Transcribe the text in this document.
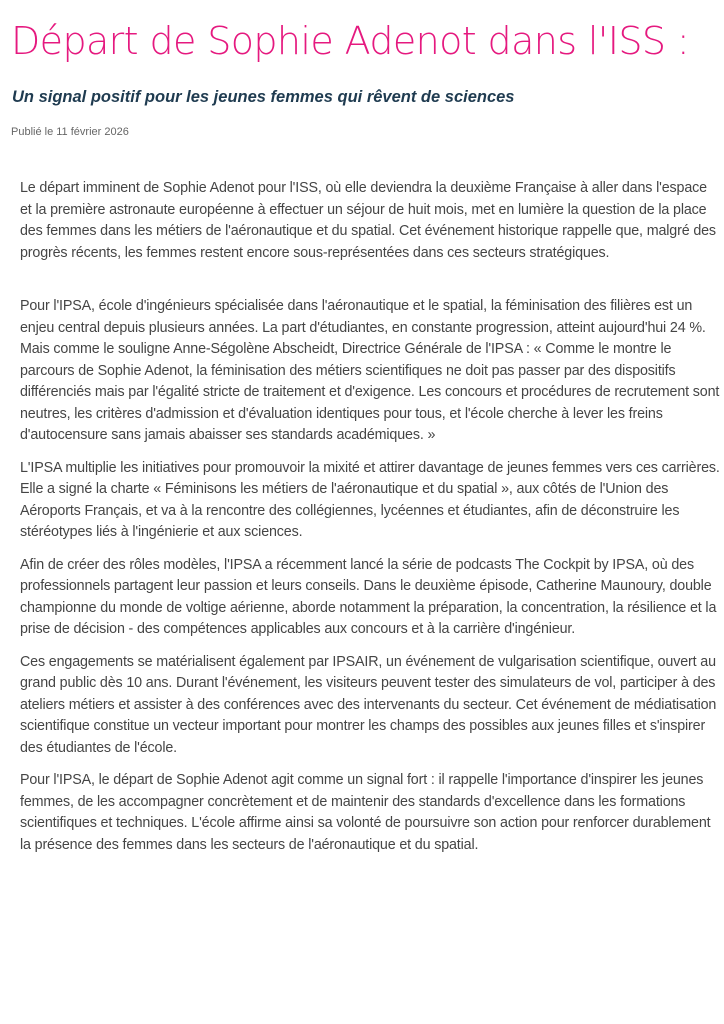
Départ de Sophie Adenot dans l'ISS :
Un signal positif pour les jeunes femmes qui rêvent de sciences

Publié le 11 février 2026

Le départ imminent de Sophie Adenot pour l'ISS, où elle deviendra la deuxième Française à aller dans l'espace et la première astronaute européenne à effectuer un séjour de huit mois, met en lumière la question de la place des femmes dans les métiers de l'aéronautique et du spatial. Cet événement historique rappelle que, malgré des progrès récents, les femmes restent encore sous-représentées dans ces secteurs stratégiques.

Pour l'IPSA, école d'ingénieurs spécialisée dans l'aéronautique et le spatial, la féminisation des filières est un enjeu central depuis plusieurs années. La part d'étudiantes, en constante progression, atteint aujourd'hui 24 %.

Mais comme le souligne Anne-Ségolène Abscheidt, Directrice Générale de l'IPSA : « Comme le montre le parcours de Sophie Adenot, la féminisation des métiers scientifiques ne doit pas passer par des dispositifs différenciés mais par l'égalité stricte de traitement et d'exigence. Les concours et procédures de recrutement sont neutres, les critères d'admission et d'évaluation identiques pour tous, et l'école cherche à lever les freins d'autocensure sans jamais abaisser ses standards académiques. »

L'IPSA multiplie les initiatives pour promouvoir la mixité et attirer davantage de jeunes femmes vers ces carrières. Elle a signé la charte « Féminisons les métiers de l'aéronautique et du spatial », aux côtés de l'Union des Aéroports Français, et va à la rencontre des collégiennes, lycéennes et étudiantes, afin de déconstruire les stéréotypes liés à l'ingénierie et aux sciences.

Afin de créer des rôles modèles, l'IPSA a récemment lancé la série de podcasts The Cockpit by IPSA, où des professionnels partagent leur passion et leurs conseils. Dans le deuxième épisode, Catherine Maunoury, double championne du monde de voltige aérienne, aborde notamment la préparation, la concentration, la résilience et la prise de décision - des compétences applicables aux concours et à la carrière d'ingénieur.

Ces engagements se matérialisent également par IPSAIR, un événement de vulgarisation scientifique, ouvert au grand public dès 10 ans. Durant l'événement, les visiteurs peuvent tester des simulateurs de vol, participer à des ateliers métiers et assister à des conférences avec des intervenants du secteur. Cet événement de médiatisation scientifique constitue un vecteur important pour montrer les champs des possibles aux jeunes filles et s'inspirer des étudiantes de l'école.

Pour l'IPSA, le départ de Sophie Adenot agit comme un signal fort : il rappelle l'importance d'inspirer les jeunes femmes, de les accompagner concrètement et de maintenir des standards d'excellence dans les formations scientifiques et techniques. L'école affirme ainsi sa volonté de poursuivre son action pour renforcer durablement la présence des femmes dans les secteurs de l'aéronautique et du spatial.
